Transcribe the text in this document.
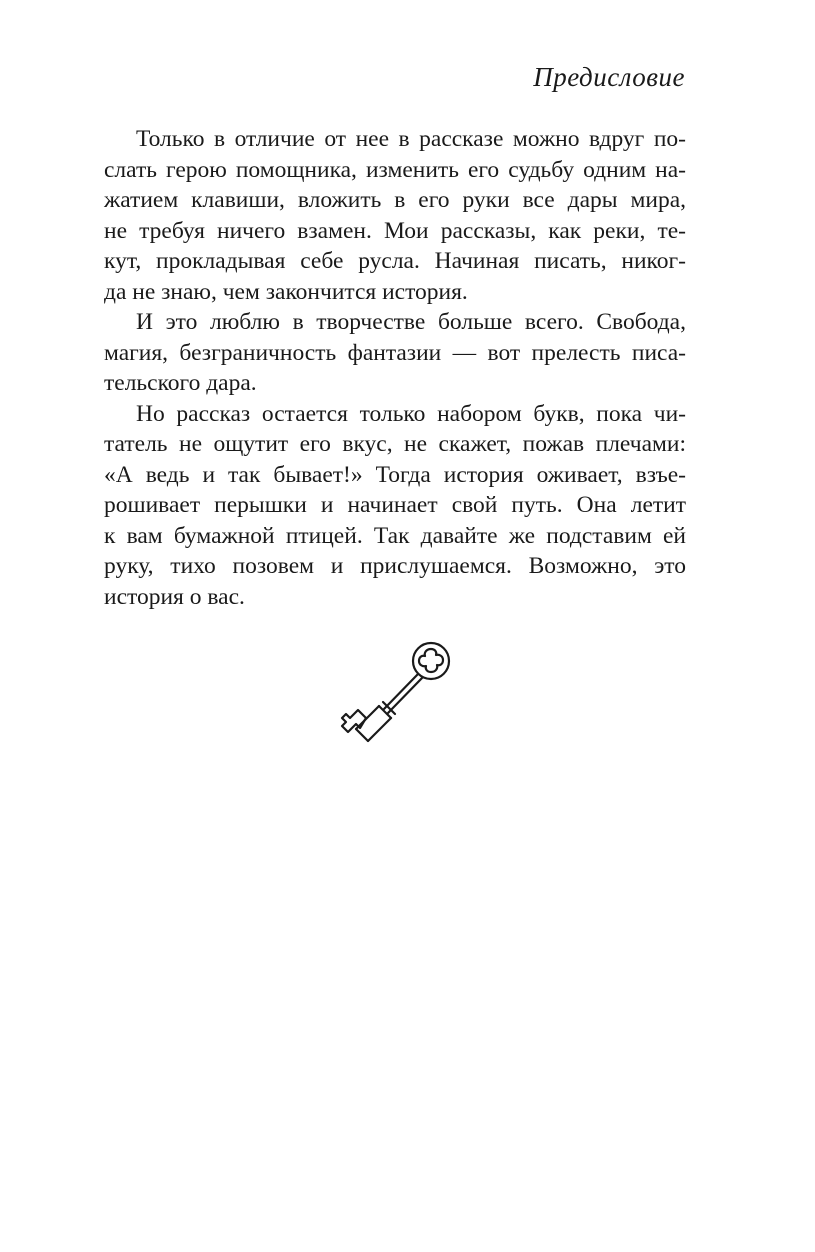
Предисловие
Только в отличие от нее в рассказе можно вдруг по-
слать герою помощника, изменить его судьбу одним на-
жатием клавиши, вложить в его руки все дары мира,
не требуя ничего взамен. Мои рассказы, как реки, те-
кут, прокладывая себе русла. Начиная писать, никог-
да не знаю, чем закончится история.
И это люблю в творчестве больше всего. Свобода,
магия, безграничность фантазии — вот прелесть писа-
тельского дара.
Но рассказ остается только набором букв, пока чи-
татель не ощутит его вкус, не скажет, пожав плечами:
«А ведь и так бывает!» Тогда история оживает, взъе-
рошивает перышки и начинает свой путь. Она летит
к вам бумажной птицей. Так давайте же подставим ей
руку, тихо позовем и прислушаемся. Возможно, это
история о вас.
